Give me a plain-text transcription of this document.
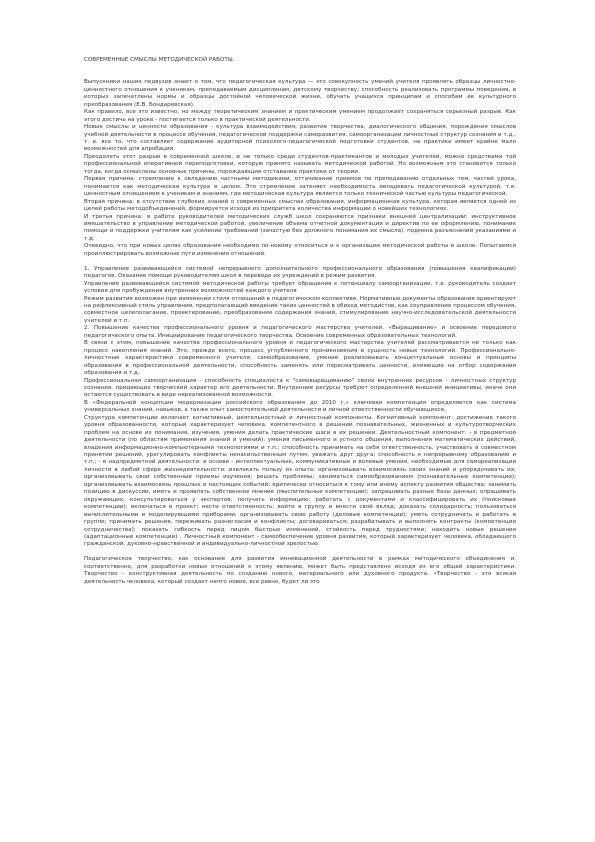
СОВРЕМЕННЫЕ СМЫСЛЫ МЕТОДИЧЕСКОЙ РАБОТЫ.

Выпускники наших педвузов знают о том, что педагогическая культура — это совокупность умений учителя проявлять образцы личностно-ценностного отношения к ученикам, преподаваемым дисциплинам, детскому творчеству; способность реализовать программы поведения, в которых запечатлены нормы и образцы достойной человеческой жизни, обучать учащихся принципам и способам ее культурного преобразования (Е.В. Бондаревская).

Как правило, все это известно, но между теоретическим знанием и практическим умением продолжает сохраняться серьезный разрыв. Как этого достичь на уроке - постигается только в практической деятельности.

Новые смыслы и ценности образования - культура взаимодействия, развитие творчества, диалогического общения, порождения смыслов учебной деятельности в процессе обучения, педагогической поддержки саморазвития, самоорганизации личностных структур сознания и т.д., т. е. все то, что составляет содержание аудиторной психолого-педагогической подготовки студентов, на практике имеет крайне мало возможностей для апробации.

Преодолеть этот разрыв в современной школе, и не только среди студентов-практикантов и молодых учителей, можно средствами той профессиональной оперативной переподготовки, которую принято называть методической работой. Но возможным это становится только тогда, когда осмыслены основные причины, порождающие отставание практики от теории.

Первая причина: стремление к овладению частными методиками, оттачивание приемов по преподаванию отдельных тем, частей урока, понимается как методическая культура в целом. Это стремление затеняет необходимость овладевать педагогической культурой, т.е. ценностным отношением к ученикам и знаниям, где методическая культура является только технической частью культуры педагогической.

Вторая причина: в отсутствие глубоких знаний о современных смыслах образования, информационная культура, которая является одной из целей работы методобъединений, формируется исходя из приоритета количества информации о новейших технологиях.

И третья причина: в работе руководителей методических служб школ сохраняются признаки внешней централизации: инструктивное вмешательство в управление методической работой, увеличение объема отчетной документации и директив по ее оформлению, понимание помощи и поддержки учителям как усиление требований (зачастую без должного понимания их смысла), подмена разъяснений указаниями и т.д.

Очевидно, что при новых целях образования необходимо по-новому относиться и к организации методической работы в школе. Попытаемся проиллюстрировать возможные пути изменения отношений.

1. Управление развивающейся системой непрерывного дополнительного профессионального образования (повышения квалификации) педагогов. Оказание помощи руководителям школ в переводе их учреждений в режим развития.

Управление развивающейся системой методической работы требует обращения к потенциалу самоорганизации, т.е. руководитель создает условия для пробуждения внутренних возможностей каждого учителя

Режим развития возможен при изменении стиля отношений в педагогическом коллективе. Нормативные документы образования ориентируют на рефлексивный стиль управления, предполагающий введение таких ценностей в обиход методистов, как соуправление процессом обучения, совместное целеполагание, проектирование, преобразование содержания знаний, стимулирование научно-исследовательской деятельности учителей и т.п.

2. Повышение качества профессионального уровня и педагогического мастерства учителей. «Выращивание» и освоение передового педагогического опыта. Инициирование педагогического творчества. Освоение современных образовательных технологий.

В связи с этим, повышение качества профессионального уровня и педагогического мастерства учителей рассматривается не только как процесс накопления знаний. Это, прежде всего, процесс углубленного проникновения в сущность новых технологий. Профессионально-личностные характеристики современного учителя: самообразование, умение реализовывать концептуальные основы и принципы образования в профессиональной деятельности, способность заменять или пересматривать ценности, влияющие на отбор содержания образования и т.д.

Профессиональная самоорганизация - способность специалиста к "самовыращиванию" своих внутренних ресурсов - личностных структур сознания, придающих творческий характер его деятельности. Внутренние ресурсы требуют определенной внешней инициативы, иначе они остаются существовать в виде нереализованной возможности.

В «Федеральной концепции модернизации российского образования до 2010 г.» ключевая компетенция определяется как система универсальных знаний, навыков, а также опыт самостоятельной деятельности и личной ответственности обучающихся.

Структура компетенции включает когнитивный, деятельностный и личностный компоненты. Когнитивный компонент: достижение такого уровня образованности, который характеризует человека, компетентного в решении познавательных, жизненных и культуротворческих проблем на основе их понимания, изучения, умения делать практические шаги в их решении. Деятельностный компонент: - в предметной деятельности (по областям применения знаний и умений): умения письменного и устного общения, выполнения математических действий, владения информационно-компьютерными технологиями и т.п.; способность принимать на себя ответственность, участвовать в совместном принятии решений, урегулировать конфликты ненасильственным путем; уважать друг друга; способность к непрерывному образованию и т.п.; - в надпредметной деятельности: в основе - интеллектуальные, коммуникативные и волевые умения, необходимые для самореализации личности в любой сфере жизнедеятельности: извлекать пользу из опыта; организовывать взаимосвязь своих знаний и упорядочивать их; организовывать свои собственные приемы изучения; решать проблемы; заниматься самообразованием (познавательные компетенции); организовывать взаимосвязь прошлых и настоящих событий; критически относиться к тому или иному аспекту развития общества; занимать позицию в дискуссии, иметь и проявлять собственное мнение (мыслительные компетенции); запрашивать разные базы данных; опрашивать окружающих; консультироваться у экспертов; получать информацию; работать с документами и классифицировать их (поисковые компетенции); включаться в проект; нести ответственность; войти в группу и внести свой вклад; доказать солидарность; пользоваться вычислительными и моделирующими приборами; организовывать свою работу (деловые компетенции); уметь сотрудничать и работать в группе; принимать решения, переживать разногласия и конфликты; договариваться; разрабатывать и выполнять контракты (компетенции сотрудничества); показать гибкость перед лицом быстрых изменений, стойкость перед трудностями; находить новые решения (адаптационные компетенции) . Личностный компонент - самообеспечение уровня развития, который характеризует человека, обладающего гражданской, духовно-нравственной и индивидуально-личностной зрелостью.

Педагогическое творчество, как основание для развития инновационной деятельности в рамках методического объединения и, соответственно, для разработки новых отношений к этому явлению, может быть представлено исходя из его общей характеристики. Творчество - конструктивная деятельность по созданию нового, материального или духовного продукта. «Творчество - это всякая деятельность человека, который создает нечто новое, все равно, будет ли это
